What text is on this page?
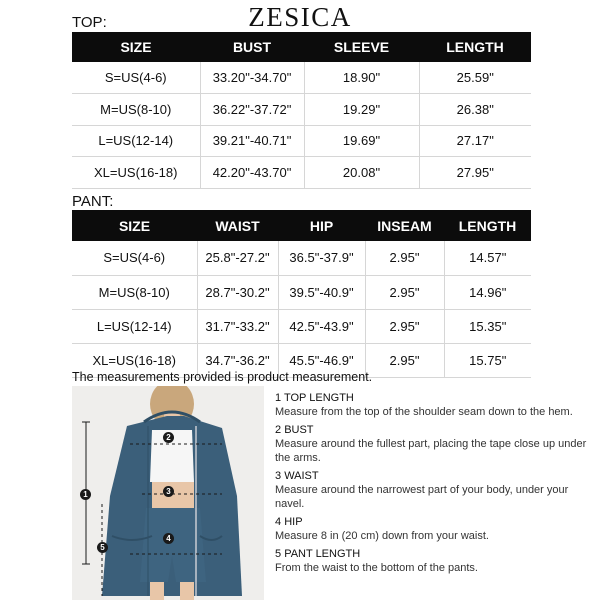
ZESICA
TOP:
SIZE	BUST	SLEEVE	LENGTH
S=US(4-6)	33.20"-34.70"	18.90"	25.59"
M=US(8-10)	36.22"-37.72"	19.29"	26.38"
L=US(12-14)	39.21"-40.71"	19.69"	27.17"
XL=US(16-18)	42.20"-43.70"	20.08"	27.95"
PANT:
SIZE	WAIST	HIP	INSEAM	LENGTH
S=US(4-6)	25.8"-27.2"	36.5"-37.9"	2.95"	14.57"
M=US(8-10)	28.7"-30.2"	39.5"-40.9"	2.95"	14.96"
L=US(12-14)	31.7"-33.2"	42.5"-43.9"	2.95"	15.35"
XL=US(16-18)	34.7"-36.2"	45.5"-46.9"	2.95"	15.75"
The measurements provided is product measurement.
1
2
3
4
5
1 TOP LENGTH
Measure from the top of the shoulder seam down to the hem.
2 BUST
Measure around the fullest part, placing the tape close up under the arms.
3 WAIST
Measure around the narrowest part of your body, under your navel.
4 HIP
Measure 8 in (20 cm) down from your waist.
5 PANT LENGTH
From the waist to the bottom of the pants.
